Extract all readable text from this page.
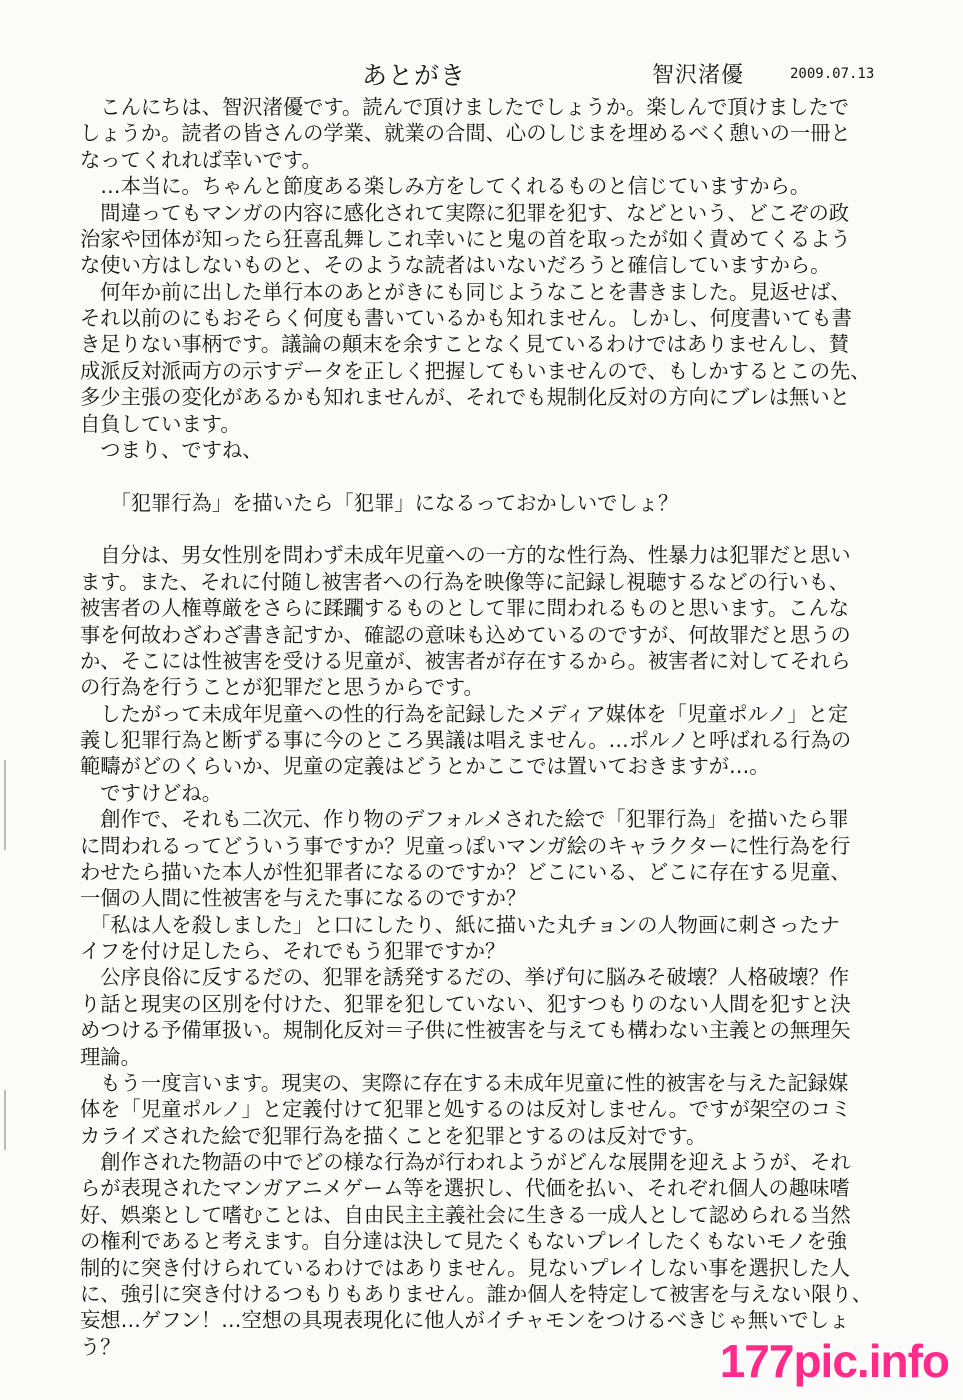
あとがき	智沢渚優	2009.07.13
　こんにちは、智沢渚優です。読んで頂けましたでしょうか。楽しんで頂けましたで
しょうか。読者の皆さんの学業、就業の合間、心のしじまを埋めるべく憩いの一冊と
なってくれれば幸いです。
　…本当に。ちゃんと節度ある楽しみ方をしてくれるものと信じていますから。
　間違ってもマンガの内容に感化されて実際に犯罪を犯す、などという、どこぞの政
治家や団体が知ったら狂喜乱舞しこれ幸いにと鬼の首を取ったが如く責めてくるよう
な使い方はしないものと、そのような読者はいないだろうと確信していますから。
　何年か前に出した単行本のあとがきにも同じようなことを書きました。見返せば、
それ以前のにもおそらく何度も書いているかも知れません。しかし、何度書いても書
き足りない事柄です。議論の顛末を余すことなく見ているわけではありませんし、賛
成派反対派両方の示すデータを正しく把握してもいませんので、もしかするとこの先、
多少主張の変化があるかも知れませんが、それでも規制化反対の方向にブレは無いと
自負しています。
　つまり、ですね、
　　「犯罪行為」を描いたら「犯罪」になるっておかしいでしょ？
　自分は、男女性別を問わず未成年児童への一方的な性行為、性暴力は犯罪だと思い
ます。また、それに付随し被害者への行為を映像等に記録し視聴するなどの行いも、
被害者の人権尊厳をさらに蹂躙するものとして罪に問われるものと思います。こんな
事を何故わざわざ書き記すか、確認の意味も込めているのですが、何故罪だと思うの
か、そこには性被害を受ける児童が、被害者が存在するから。被害者に対してそれら
の行為を行うことが犯罪だと思うからです。
　したがって未成年児童への性的行為を記録したメディア媒体を「児童ポルノ」と定
義し犯罪行為と断ずる事に今のところ異議は唱えません。…ポルノと呼ばれる行為の
範疇がどのくらいか、児童の定義はどうとかここでは置いておきますが…。
　ですけどね。
　創作で、それも二次元、作り物のデフォルメされた絵で「犯罪行為」を描いたら罪
に問われるってどういう事ですか？児童っぽいマンガ絵のキャラクターに性行為を行
わせたら描いた本人が性犯罪者になるのですか？どこにいる、どこに存在する児童、
一個の人間に性被害を与えた事になるのですか？
　「私は人を殺しました」と口にしたり、紙に描いた丸チョンの人物画に刺さったナ
イフを付け足したら、それでもう犯罪ですか？
　公序良俗に反するだの、犯罪を誘発するだの、挙げ句に脳みそ破壊？人格破壊？作
り話と現実の区別を付けた、犯罪を犯していない、犯すつもりのない人間を犯すと決
めつける予備軍扱い。規制化反対＝子供に性被害を与えても構わない主義との無理矢
理論。
　もう一度言います。現実の、実際に存在する未成年児童に性的被害を与えた記録媒
体を「児童ポルノ」と定義付けて犯罪と処するのは反対しません。ですが架空のコミ
カライズされた絵で犯罪行為を描くことを犯罪とするのは反対です。
　創作された物語の中でどの様な行為が行われようがどんな展開を迎えようが、それ
らが表現されたマンガアニメゲーム等を選択し、代価を払い、それぞれ個人の趣味嗜
好、娯楽として嗜むことは、自由民主主義社会に生きる一成人として認められる当然
の権利であると考えます。自分達は決して見たくもないプレイしたくもないモノを強
制的に突き付けられているわけではありません。見ないプレイしない事を選択した人
に、強引に突き付けるつもりもありません。誰か個人を特定して被害を与えない限り、
妄想…ゲフン！…空想の具現表現化に他人がイチャモンをつけるべきじゃ無いでしょ
う？	177pic.info
